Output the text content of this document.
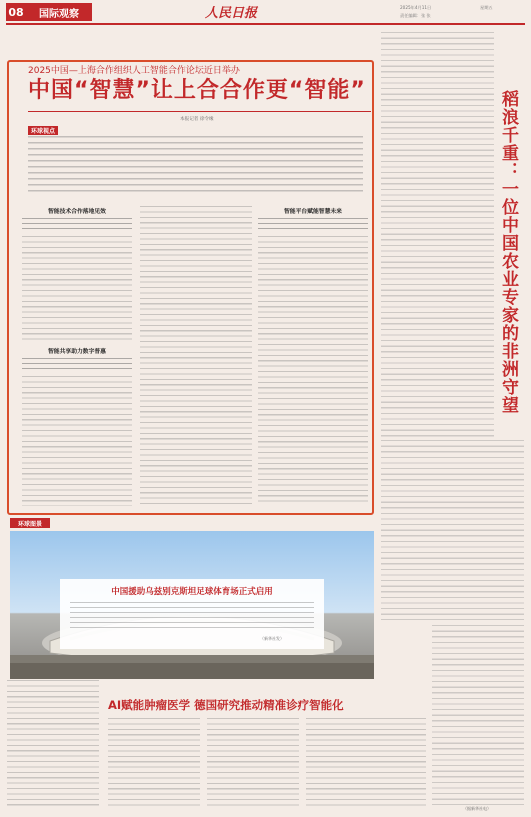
08	国际观察	人民日报	2025年4月11日	星期五
责任编辑：张 张
稻浪千重：一位中国农业专家的非洲守望
2025中国—上海合作组织人工智能合作论坛近日举办
中国“智慧”让上合合作更“智能”
本报记者 徐令缘
环球视点
智能技术合作落地见效
智能共享助力数字普惠
智能平台赋能智慧未来
环球图景
中国援助乌兹别克斯坦足球体育场正式启用
（新华社发）
AI赋能肿瘤医学 德国研究推动精准诊疗智能化
（据新华社电）
